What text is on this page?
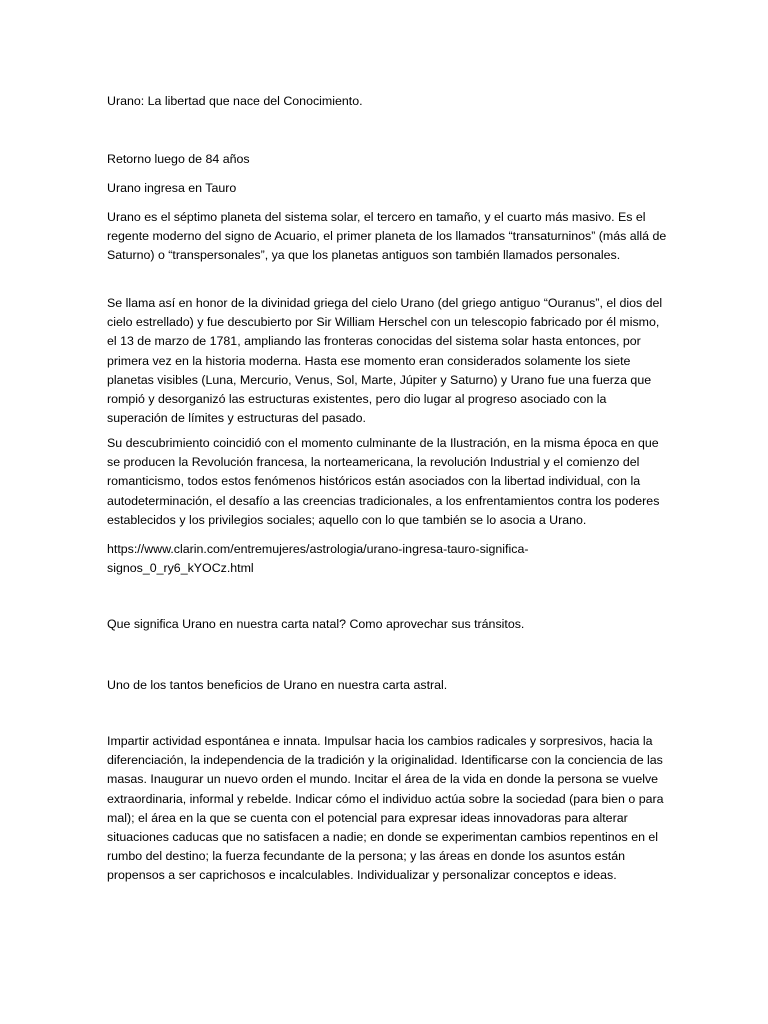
Urano: La libertad que nace del Conocimiento.

Retorno luego de 84 años

Urano ingresa en Tauro

Urano es el séptimo planeta del sistema solar, el tercero en tamaño, y el cuarto más masivo. Es el regente moderno del signo de Acuario, el primer planeta de los llamados “transaturninos” (más allá de Saturno) o “transpersonales”, ya que los planetas antiguos son también llamados personales.

Se llama así en honor de la divinidad griega del cielo Urano (del griego antiguo “Ouranus”, el dios del cielo estrellado) y fue descubierto por Sir William Herschel con un telescopio fabricado por él mismo, el 13 de marzo de 1781, ampliando las fronteras conocidas del sistema solar hasta entonces, por primera vez en la historia moderna. Hasta ese momento eran considerados solamente los siete planetas visibles (Luna, Mercurio, Venus, Sol, Marte, Júpiter y Saturno) y Urano fue una fuerza que rompió y desorganizó las estructuras existentes, pero dio lugar al progreso asociado con la superación de límites y estructuras del pasado.

Su descubrimiento coincidió con el momento culminante de la Ilustración, en la misma época en que se producen la Revolución francesa, la norteamericana, la revolución Industrial y el comienzo del romanticismo, todos estos fenómenos históricos están asociados con la libertad individual, con la autodeterminación, el desafío a las creencias tradicionales, a los enfrentamientos contra los poderes establecidos y los privilegios sociales; aquello con lo que también se lo asocia a Urano.

https://www.clarin.com/entremujeres/astrologia/urano-ingresa-tauro-significa-signos_0_ry6_kYOCz.html

Que significa Urano en nuestra carta natal? Como aprovechar sus tránsitos.

Uno de los tantos beneficios de Urano en nuestra carta astral.

Impartir actividad espontánea e innata. Impulsar hacia los cambios radicales y sorpresivos, hacia la diferenciación, la independencia de la tradición y la originalidad. Identificarse con la conciencia de las masas. Inaugurar un nuevo orden el mundo. Incitar el área de la vida en donde la persona se vuelve extraordinaria, informal y rebelde. Indicar cómo el individuo actúa sobre la sociedad (para bien o para mal); el área en la que se cuenta con el potencial para expresar ideas innovadoras para alterar situaciones caducas que no satisfacen a nadie; en donde se experimentan cambios repentinos en el rumbo del destino; la fuerza fecundante de la persona; y las áreas en donde los asuntos están propensos a ser caprichosos e incalculables. Individualizar y personalizar conceptos e ideas.
